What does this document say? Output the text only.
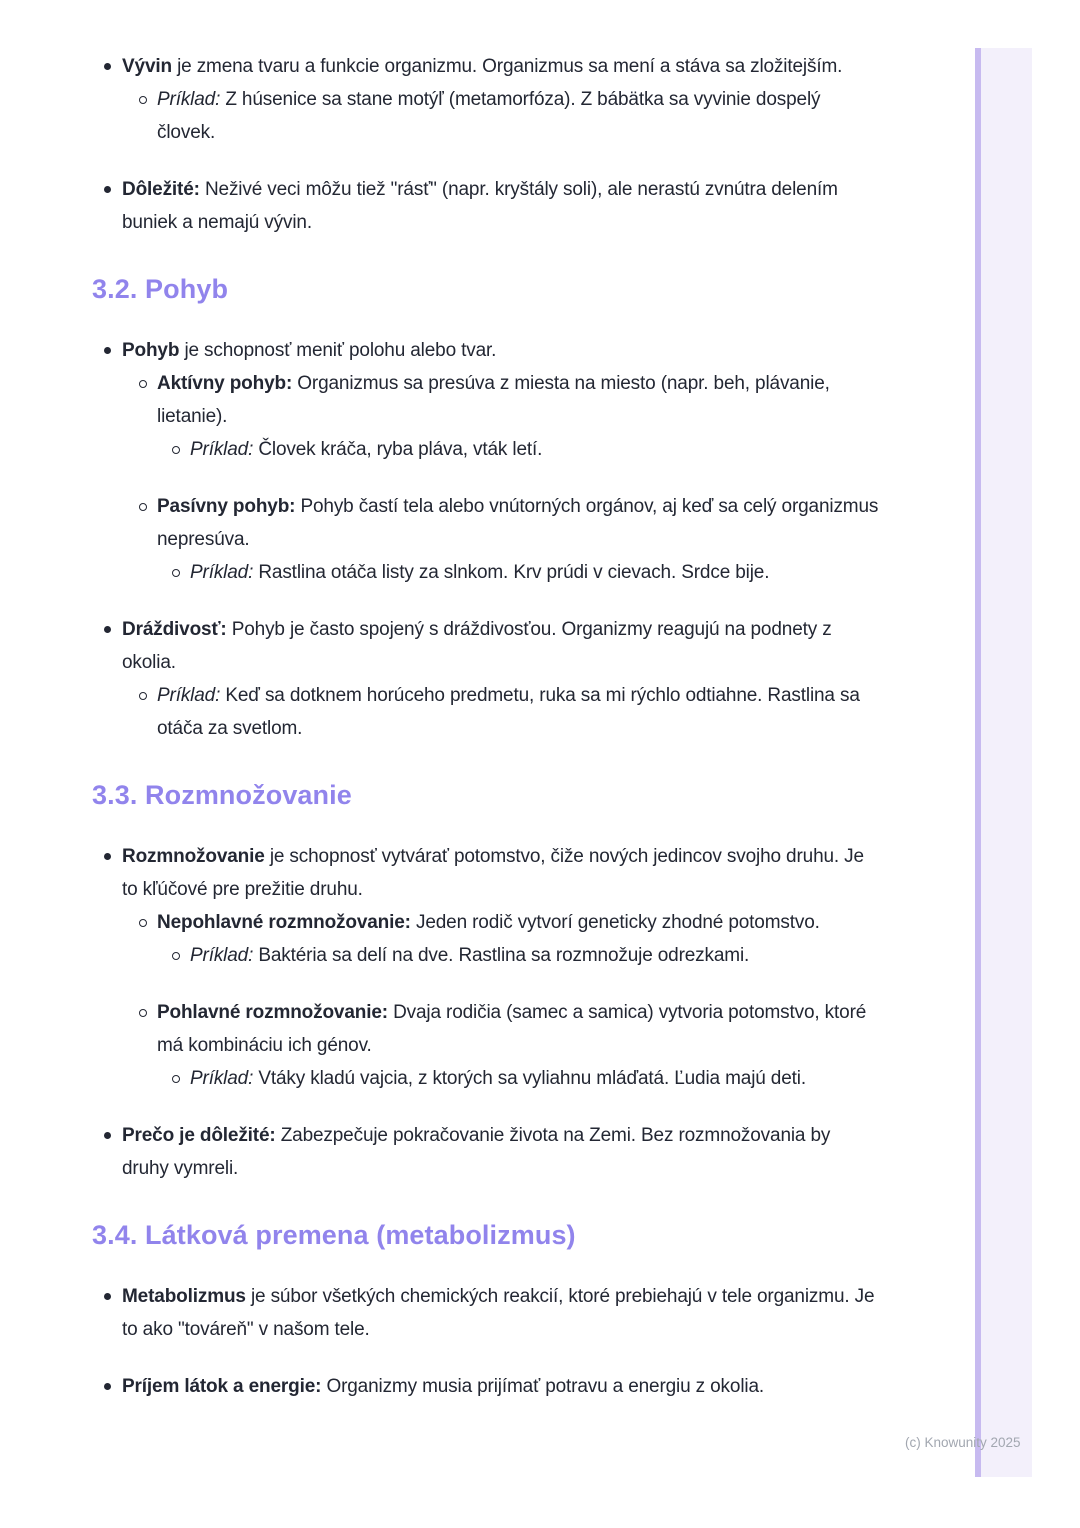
(c) Knowunity 2025
Vývin je zmena tvaru a funkcie organizmu. Organizmus sa mení a stáva sa zložitejším.
Príklad: Z húsenice sa stane motýľ (metamorfóza). Z bábätka sa vyvinie dospelý človek.
Dôležité: Neživé veci môžu tiež "rásť" (napr. kryštály soli), ale nerastú zvnútra delením buniek a nemajú vývin.
3.2. Pohyb
Pohyb je schopnosť meniť polohu alebo tvar.
Aktívny pohyb: Organizmus sa presúva z miesta na miesto (napr. beh, plávanie, lietanie).
Príklad: Človek kráča, ryba pláva, vták letí.
Pasívny pohyb: Pohyb častí tela alebo vnútorných orgánov, aj keď sa celý organizmus nepresúva.
Príklad: Rastlina otáča listy za slnkom. Krv prúdi v cievach. Srdce bije.
Dráždivosť: Pohyb je často spojený s dráždivosťou. Organizmy reagujú na podnety z okolia.
Príklad: Keď sa dotknem horúceho predmetu, ruka sa mi rýchlo odtiahne. Rastlina sa otáča za svetlom.
3.3. Rozmnožovanie
Rozmnožovanie je schopnosť vytvárať potomstvo, čiže nových jedincov svojho druhu. Je to kľúčové pre prežitie druhu.
Nepohlavné rozmnožovanie: Jeden rodič vytvorí geneticky zhodné potomstvo.
Príklad: Baktéria sa delí na dve. Rastlina sa rozmnožuje odrezkami.
Pohlavné rozmnožovanie: Dvaja rodičia (samec a samica) vytvoria potomstvo, ktoré má kombináciu ich génov.
Príklad: Vtáky kladú vajcia, z ktorých sa vyliahnu mláďatá. Ľudia majú deti.
Prečo je dôležité: Zabezpečuje pokračovanie života na Zemi. Bez rozmnožovania by druhy vymreli.
3.4. Látková premena (metabolizmus)
Metabolizmus je súbor všetkých chemických reakcií, ktoré prebiehajú v tele organizmu. Je to ako "továreň" v našom tele.
Príjem látok a energie: Organizmy musia prijímať potravu a energiu z okolia.
